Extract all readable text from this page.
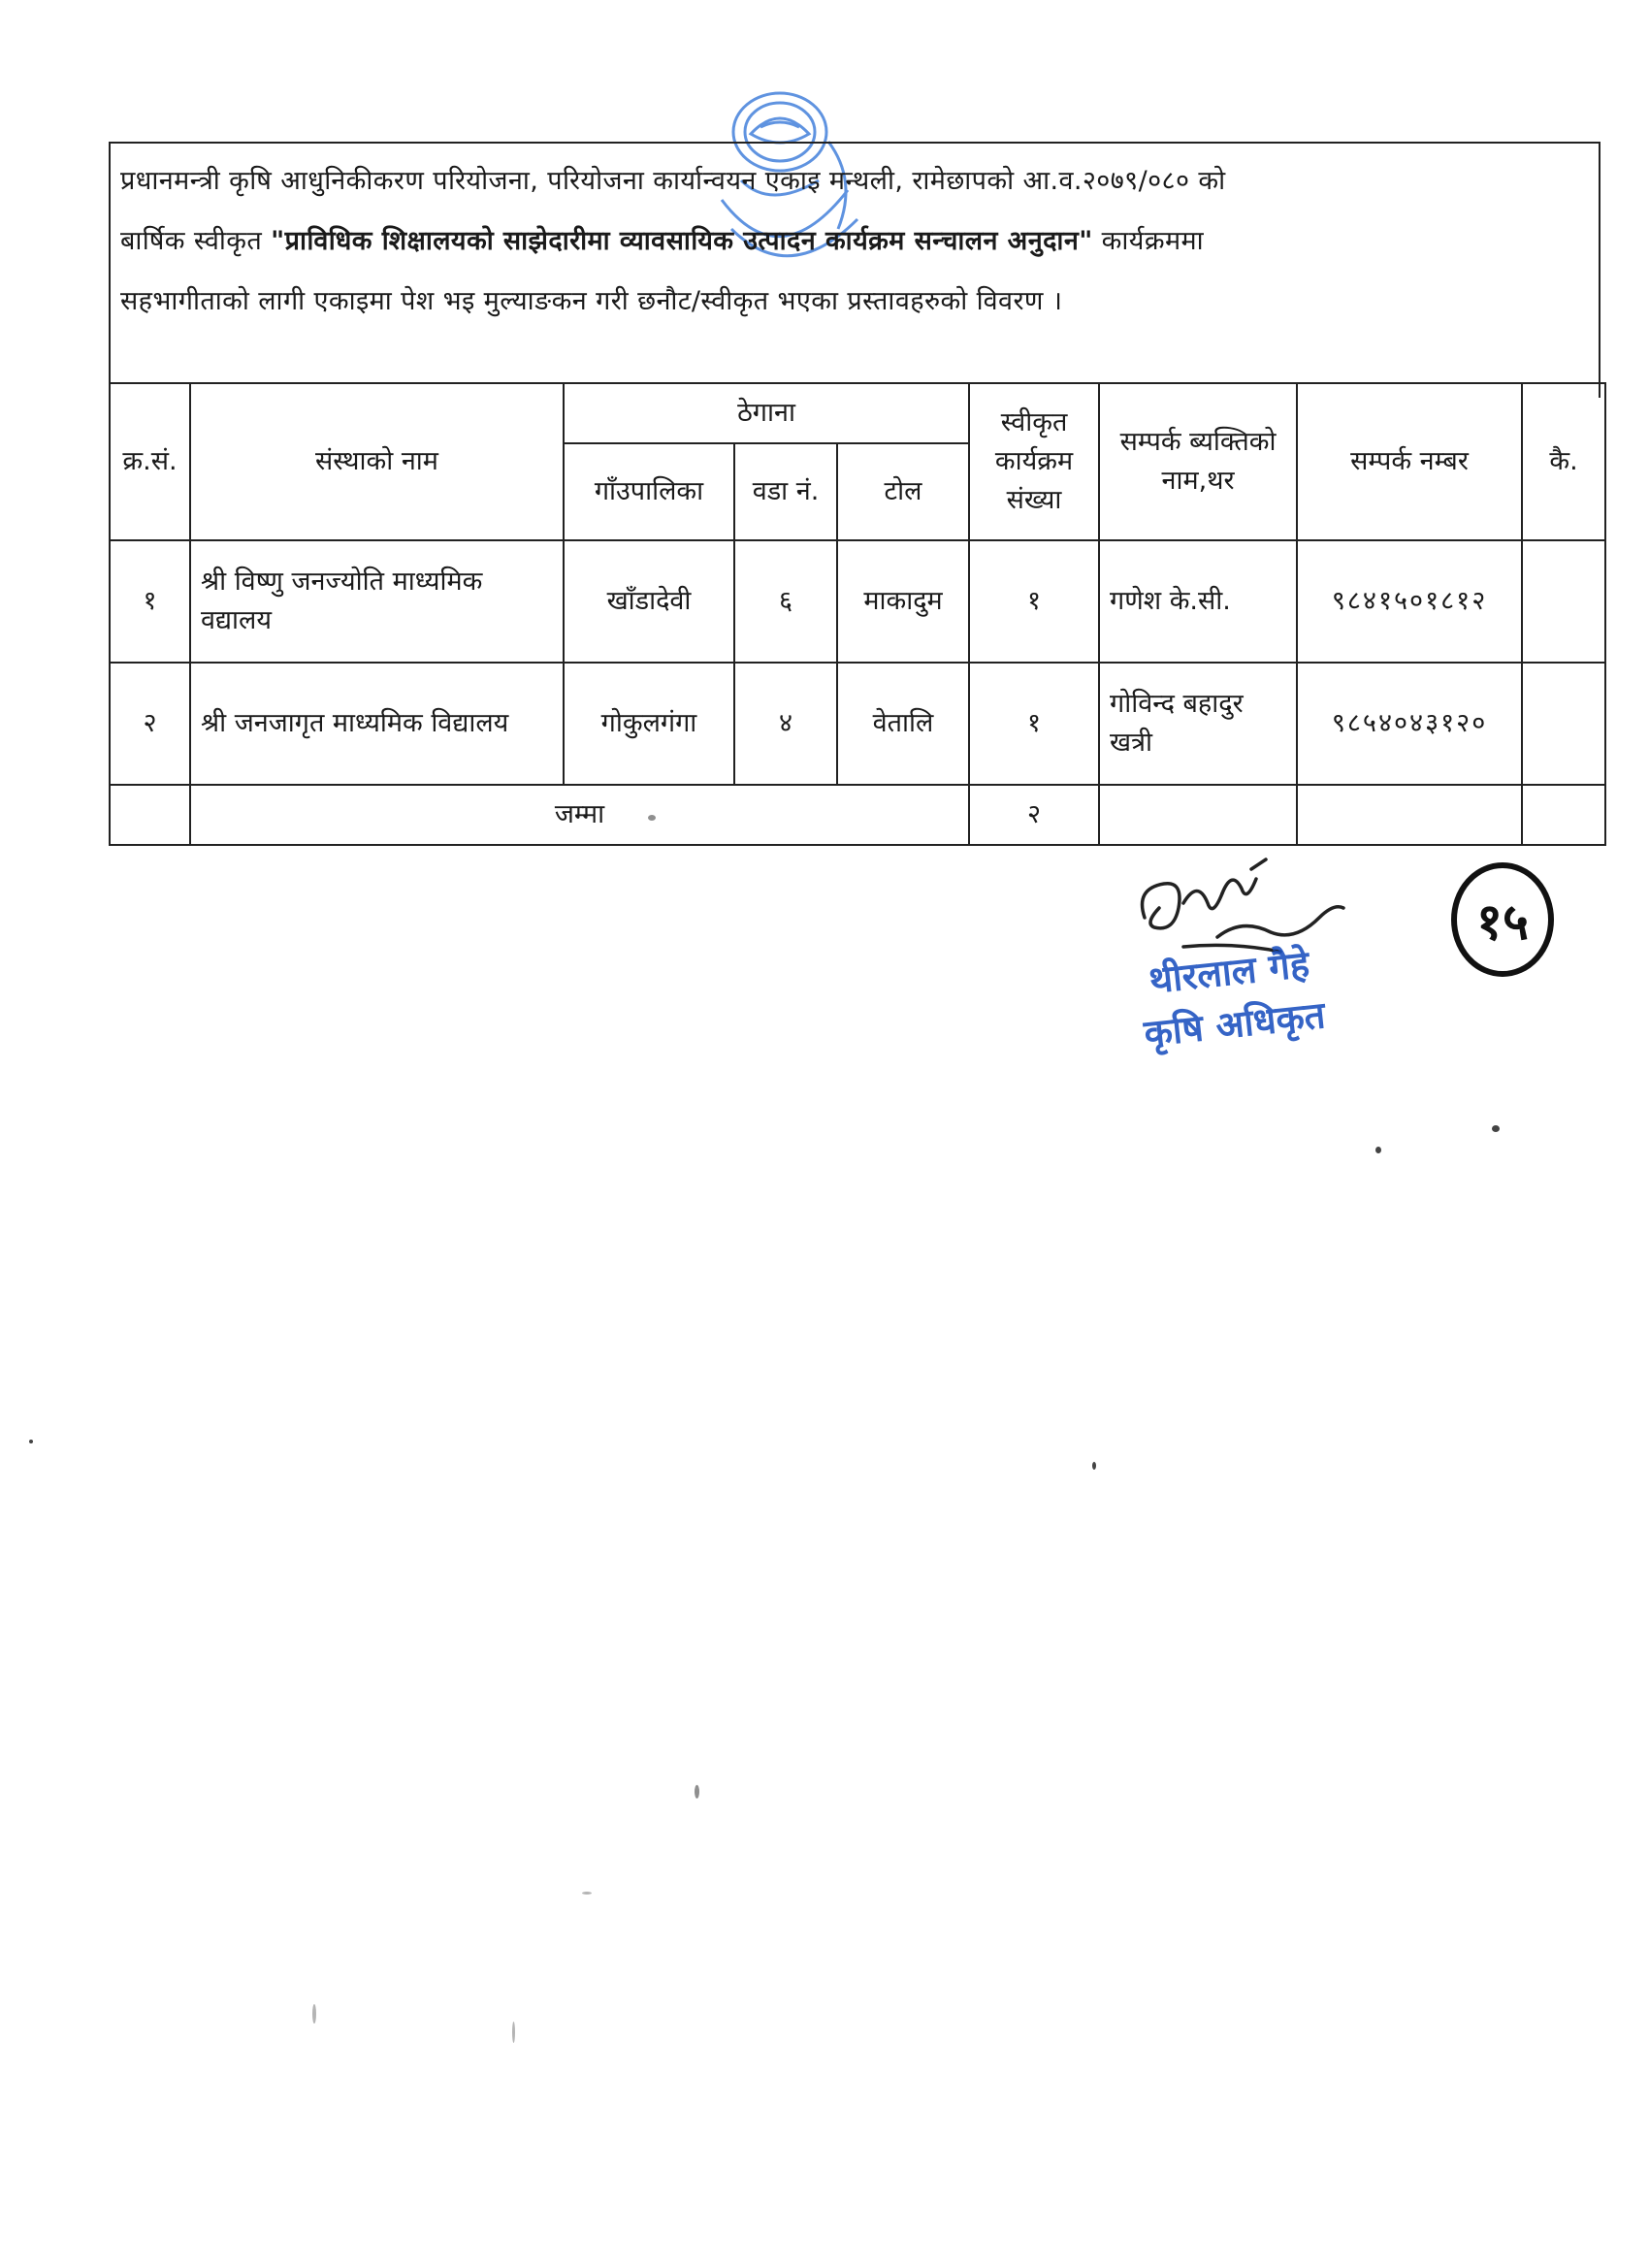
प्रधानमन्त्री कृषि आधुनिकीकरण परियोजना, परियोजना कार्यान्वयन एकाइ मन्थली, रामेछापको आ.व.२०७९/०८० को
बार्षिक स्वीकृत "प्राविधिक शिक्षालयको साझेदारीमा व्यावसायिक उत्पादन कार्यक्रम सन्चालन अनुदान" कार्यक्रममा
सहभागीताको लागी एकाइमा पेश भइ मुल्याङकन गरी छनौट/स्वीकृत भएका प्रस्तावहरुको विवरण ।
क्र.सं.	संस्थाको नाम	ठेगाना			स्वीकृत कार्यक्रम संख्या	सम्पर्क ब्यक्तिको नाम,थर	सम्पर्क नम्बर	कै.
		गाँउपालिका	वडा नं.	टोल				
१	श्री विष्णु जनज्योति माध्यमिक वद्यालय	खाँडादेवी	६	माकादुम	१	गणेश के.सी.	९८४१५०१८१२	
२	श्री जनजागृत माध्यमिक विद्यालय	गोकुलगंगा	४	वेतालि	१	गोविन्द बहादुर खत्री	९८५४०४३१२०	
	जम्मा				२			
थीरलाल गैहे
कृषि अधिकृत
१५
